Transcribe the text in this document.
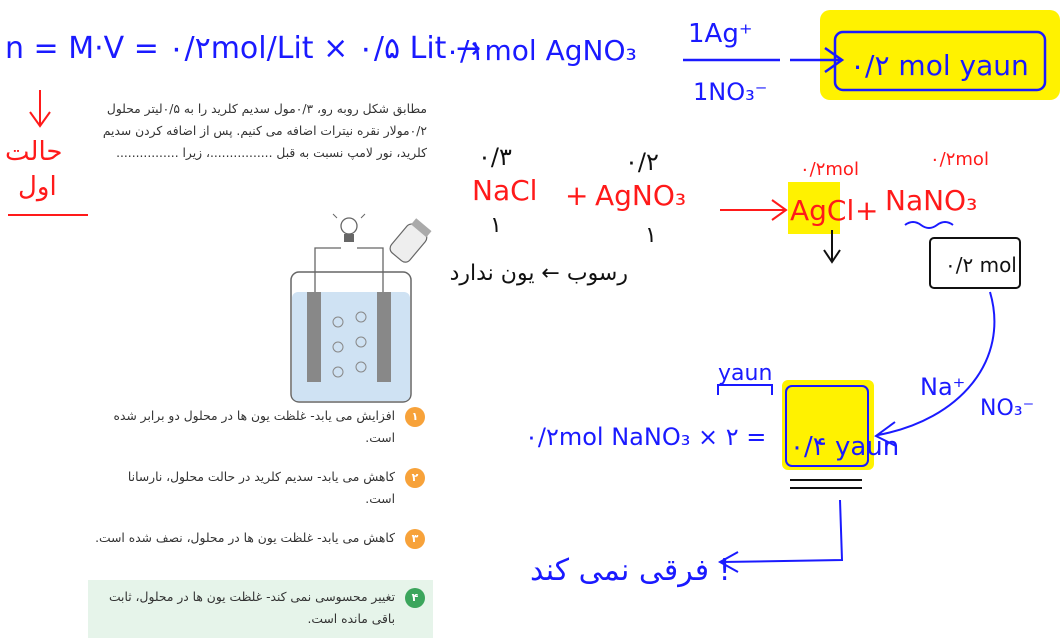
n = M·V = ۰/۲mol/Lit × ۰/۵ Lit →
۰/۱mol AgNO₃ 1Ag⁺
1NO₃⁻
۰/۲ mol yaun
حالت
اول
۰/۳	۰/۲	۰/۲mol	۰/۲mol
NaCl + AgNO₃	AgCl + NaNO₃
۱	۱
رسوب ← یون ندارد	۰/۲ mol
Na⁺
NO₃⁻
yaun
۰/۲mol NaNO₃ × ۲ = ۰/۴ yaun
فرقی نمی کند !
مطابق شکل روبه رو، ۰/۳مول سدیم کلرید را به ۰/۵لیتر محلول ۰/۲مولار نقره نیترات اضافه می کنیم. پس از اضافه کردن سدیم کلرید، نور لامپ نسبت به قبل ................، زیرا ................
۱
افزایش می یابد- غلظت یون ها در محلول دو برابر شده است.
۲
کاهش می یابد- سدیم کلرید در حالت محلول، نارسانا است.
۳
کاهش می یابد- غلظت یون ها در محلول، نصف شده است.
۴
تغییر محسوسی نمی کند- غلظت یون ها در محلول، ثابت باقی مانده است.
